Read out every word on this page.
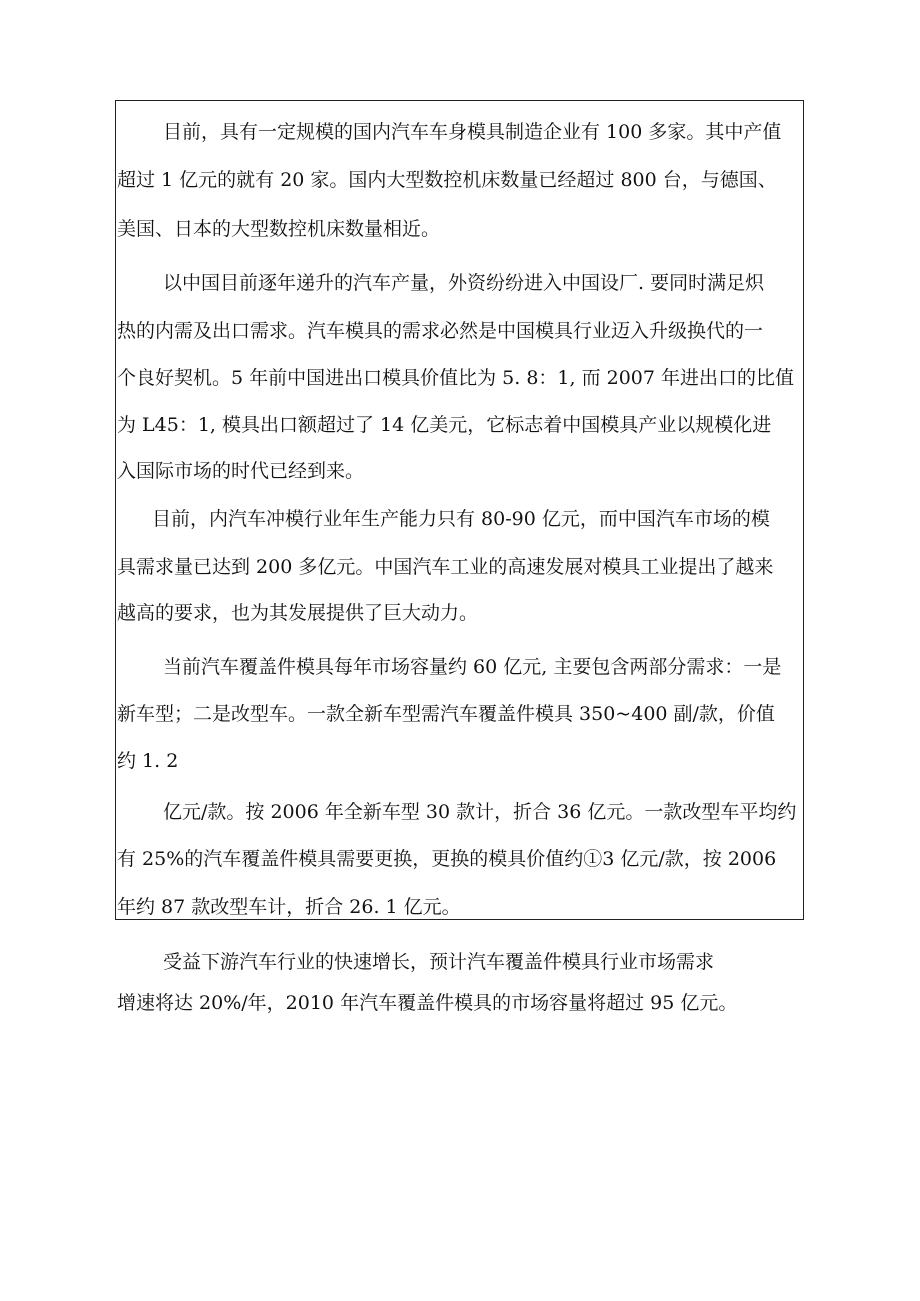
目前，具有一定规模的国内汽车车身模具制造企业有 100 多家。其中产值
超过 1 亿元的就有 20 家。国内大型数控机床数量已经超过 800 台，与德国、
美国、日本的大型数控机床数量相近。
以中国目前逐年递升的汽车产量，外资纷纷进入中国设厂. 要同时满足炽
热的内需及出口需求。汽车模具的需求必然是中国模具行业迈入升级换代的一
个良好契机。5 年前中国进出口模具价值比为 5. 8：1, 而 2007 年进出口的比值
为 L45：1, 模具出口额超过了 14 亿美元，它标志着中国模具产业以规模化进
入国际市场的时代已经到来。
目前，内汽车冲模行业年生产能力只有 80-90 亿元，而中国汽车市场的模
具需求量已达到 200 多亿元。中国汽车工业的高速发展对模具工业提出了越来
越高的要求，也为其发展提供了巨大动力。
当前汽车覆盖件模具每年市场容量约 60 亿元, 主要包含两部分需求：一是
新车型；二是改型车。一款全新车型需汽车覆盖件模具 350~400 副/款，价值
约 1. 2
亿元/款。按 2006 年全新车型 30 款计，折合 36 亿元。一款改型车平均约
有 25%的汽车覆盖件模具需要更换，更换的模具价值约①3 亿元/款，按 2006
年约 87 款改型车计，折合 26. 1 亿元。
受益下游汽车行业的快速增长，预计汽车覆盖件模具行业市场需求
增速将达 20%/年，2010 年汽车覆盖件模具的市场容量将超过 95 亿元。
